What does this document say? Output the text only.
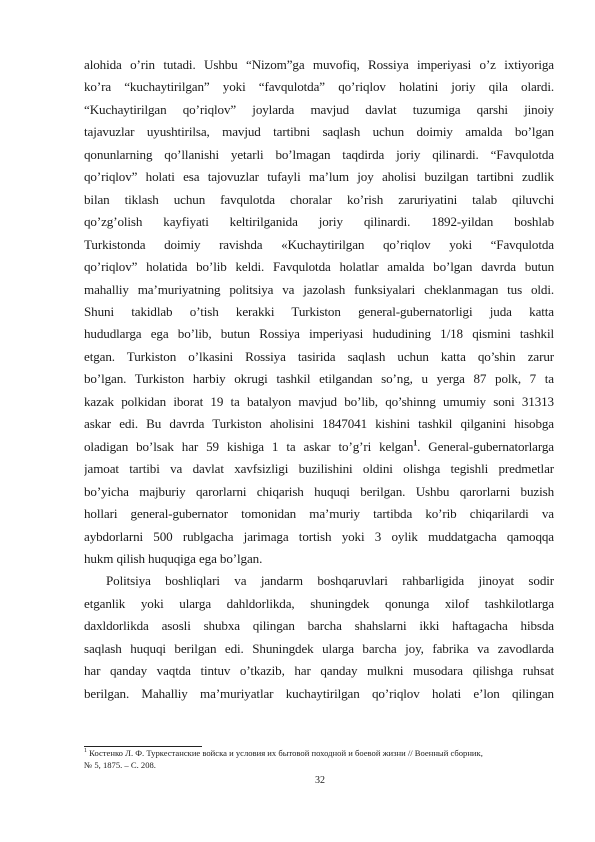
alohida o’rin tutadi. Ushbu “Nizom”ga muvofiq, Rossiya imperiyasi o’z ixtiyoriga
ko’ra “kuchaytirilgan” yoki “favqulotda” qo’riqlov holatini joriy qila olardi.
“Kuchaytirilgan qo’riqlov” joylarda mavjud davlat tuzumiga qarshi jinoiy
tajavuzlar uyushtirilsa, mavjud tartibni saqlash uchun doimiy amalda bo’lgan
qonunlarning qo’llanishi yetarli bo’lmagan taqdirda joriy qilinardi. “Favqulotda
qo’riqlov” holati esa tajovuzlar tufayli ma’lum joy aholisi buzilgan tartibni zudlik
bilan tiklash uchun favqulotda choralar ko’rish zaruriyatini talab qiluvchi
qo’zg’olish kayfiyati keltirilganida joriy qilinardi. 1892-yildan boshlab
Turkistonda doimiy ravishda «Kuchaytirilgan qo’riqlov yoki “Favqulotda
qo’riqlov” holatida bo’lib keldi. Favqulotda holatlar amalda bo’lgan davrda butun
mahalliy ma’muriyatning politsiya va jazolash funksiyalari cheklanmagan tus oldi.
Shuni takidlab o’tish kerakki Turkiston general-gubernatorligi juda katta
hududlarga ega bo’lib, butun Rossiya imperiyasi hududining 1/18 qismini tashkil
etgan. Turkiston o’lkasini Rossiya tasirida saqlash uchun katta qo’shin zarur
bo’lgan. Turkiston harbiy okrugi tashkil etilgandan so’ng, u yerga 87 polk, 7 ta
kazak polkidan iborat 19 ta batalyon mavjud bo’lib, qo’shinng umumiy soni 31313
askar edi. Bu davrda Turkiston aholisini 1847041 kishini tashkil qilganini hisobga
oladigan bo’lsak har 59 kishiga 1 ta askar to’g’ri kelgan$^1$. General-gubernatorlarga
jamoat tartibi va davlat xavfsizligi buzilishini oldini olishga tegishli predmetlar
bo’yicha majburiy qarorlarni chiqarish huquqi berilgan. Ushbu qarorlarni buzish
hollari general-gubernator tomonidan ma’muriy tartibda ko’rib chiqarilardi va
aybdorlarni 500 rublgacha jarimaga tortish yoki 3 oylik muddatgacha qamoqqa
hukm qilish huquqiga ega bo’lgan.
Politsiya boshliqlari va jandarm boshqaruvlari rahbarligida jinoyat sodir
etganlik yoki ularga dahldorlikda, shuningdek qonunga xilof tashkilotlarga
daxldorlikda asosli shubxa qilingan barcha shahslarni ikki haftagacha hibsda
saqlash huquqi berilgan edi. Shuningdek ularga barcha joy, fabrika va zavodlarda
har qanday vaqtda tintuv o’tkazib, har qanday mulkni musodara qilishga ruhsat
berilgan. Mahalliy ma’muriyatlar kuchaytirilgan qo’riqlov holati e’lon qilingan
$^1$ Костенко Л. Ф. Туркестанские войска и условия их бытовой походной и боевой жизни // Военный сборник,
№ 5, 1875. – С. 208.
32
